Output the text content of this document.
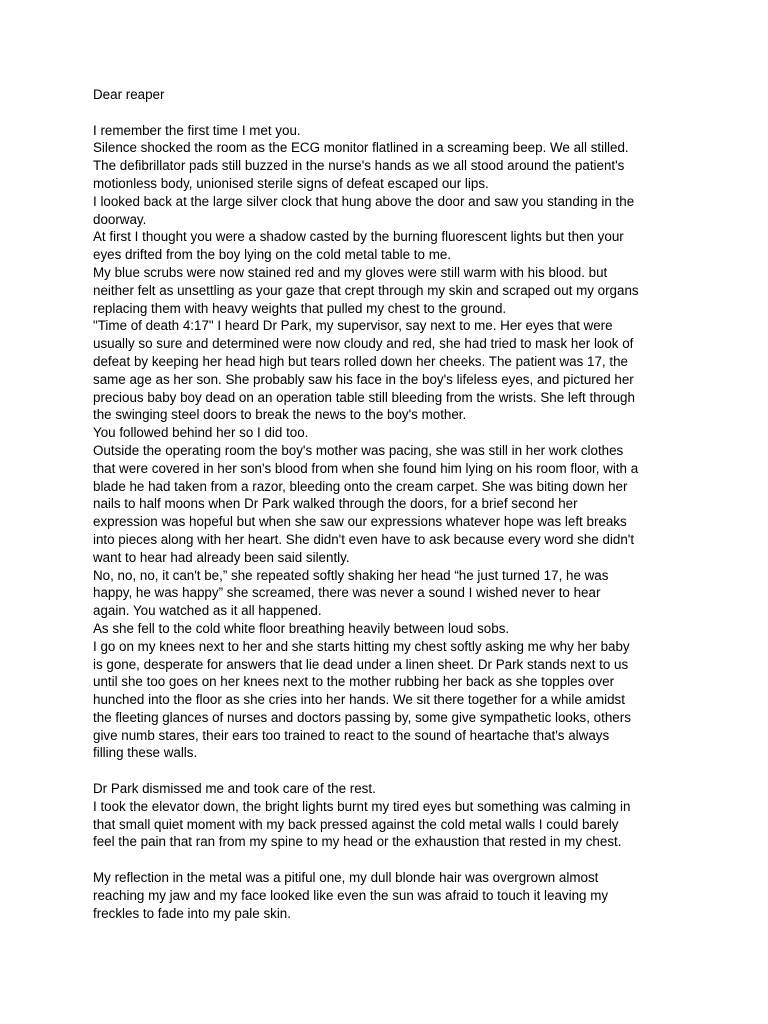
Dear reaper
I remember the first time I met you.
Silence shocked the room as the ECG monitor flatlined in a screaming beep. We all stilled.
The defibrillator pads still buzzed in the nurse's hands as we all stood around the patient's
motionless body, unionised sterile signs of defeat escaped our lips.
I looked back at the large silver clock that hung above the door and saw you standing in the
doorway.
At first I thought you were a shadow casted by the burning fluorescent lights but then your
eyes drifted from the boy lying on the cold metal table to me.
My blue scrubs were now stained red and my gloves were still warm with his blood. but
neither felt as unsettling as your gaze that crept through my skin and scraped out my organs
replacing them with heavy weights that pulled my chest to the ground.
"Time of death 4:17" I heard Dr Park, my supervisor, say next to me. Her eyes that were
usually so sure and determined were now cloudy and red, she had tried to mask her look of
defeat by keeping her head high but tears rolled down her cheeks. The patient was 17, the
same age as her son. She probably saw his face in the boy's lifeless eyes, and pictured her
precious baby boy dead on an operation table still bleeding from the wrists. She left through
the swinging steel doors to break the news to the boy's mother.
You followed behind her so I did too.
Outside the operating room the boy's mother was pacing, she was still in her work clothes
that were covered in her son's blood from when she found him lying on his room floor, with a
blade he had taken from a razor, bleeding onto the cream carpet. She was biting down her
nails to half moons when Dr Park walked through the doors, for a brief second her
expression was hopeful but when she saw our expressions whatever hope was left breaks
into pieces along with her heart. She didn't even have to ask because every word she didn't
want to hear had already been said silently.
No, no, no, it can't be,” she repeated softly shaking her head “he just turned 17, he was
happy, he was happy” she screamed, there was never a sound I wished never to hear
again. You watched as it all happened.
As she fell to the cold white floor breathing heavily between loud sobs.
I go on my knees next to her and she starts hitting my chest softly asking me why her baby
is gone, desperate for answers that lie dead under a linen sheet. Dr Park stands next to us
until she too goes on her knees next to the mother rubbing her back as she topples over
hunched into the floor as she cries into her hands. We sit there together for a while amidst
the fleeting glances of nurses and doctors passing by, some give sympathetic looks, others
give numb stares, their ears too trained to react to the sound of heartache that's always
filling these walls.
Dr Park dismissed me and took care of the rest.
I took the elevator down, the bright lights burnt my tired eyes but something was calming in
that small quiet moment with my back pressed against the cold metal walls I could barely
feel the pain that ran from my spine to my head or the exhaustion that rested in my chest.
My reflection in the metal was a pitiful one, my dull blonde hair was overgrown almost
reaching my jaw and my face looked like even the sun was afraid to touch it leaving my
freckles to fade into my pale skin.
